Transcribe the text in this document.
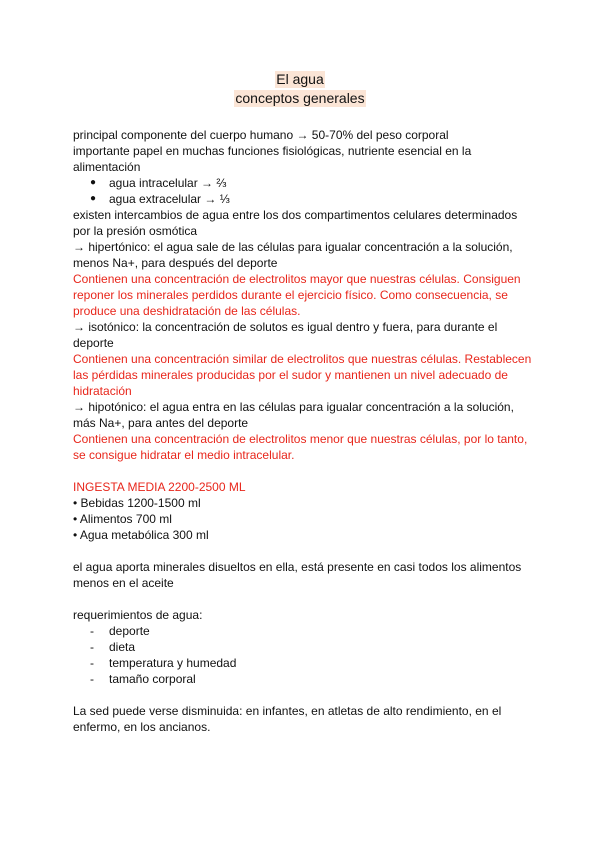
El agua
conceptos generales

principal componente del cuerpo humano → 50-70% del peso corporal

importante papel en muchas funciones fisiológicas, nutriente esencial en la alimentación

● agua intracelular → ⅔
● agua extracelular → ⅓

existen intercambios de agua entre los dos compartimentos celulares determinados por la presión osmótica

→ hipertónico: el agua sale de las células para igualar concentración a la solución, menos Na+, para después del deporte

Contienen una concentración de electrolitos mayor que nuestras células. Consiguen reponer los minerales perdidos durante el ejercicio físico. Como consecuencia, se produce una deshidratación de las células.

→ isotónico: la concentración de solutos es igual dentro y fuera, para durante el deporte

Contienen una concentración similar de electrolitos que nuestras células. Restablecen las pérdidas minerales producidas por el sudor y mantienen un nivel adecuado de hidratación

→ hipotónico: el agua entra en las células para igualar concentración a la solución, más Na+, para antes del deporte

Contienen una concentración de electrolitos menor que nuestras células, por lo tanto, se consigue hidratar el medio intracelular.

INGESTA MEDIA 2200-2500 ML

• Bebidas 1200-1500 ml

• Alimentos 700 ml

• Agua metabólica 300 ml

el agua aporta minerales disueltos en ella, está presente en casi todos los alimentos menos en el aceite

requerimientos de agua:

- deporte
- dieta
- temperatura y humedad
- tamaño corporal

La sed puede verse disminuida: en infantes, en atletas de alto rendimiento, en el enfermo, en los ancianos.
